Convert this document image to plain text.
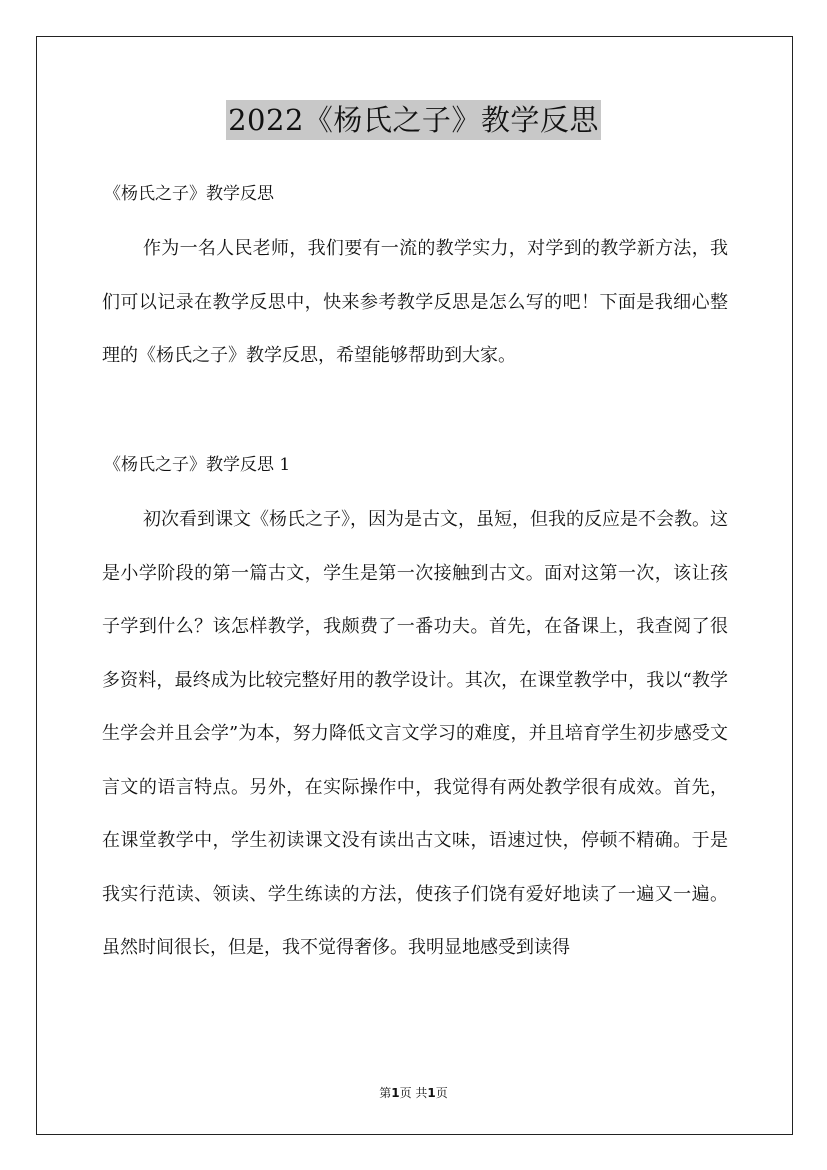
2022《杨氏之子》教学反思
《杨氏之子》教学反思

作为一名人民老师，我们要有一流的教学实力，对学到的教学新方法，我们可以记录在教学反思中，快来参考教学反思是怎么写的吧！下面是我细心整理的《杨氏之子》教学反思，希望能够帮助到大家。

《杨氏之子》教学反思 1

初次看到课文《杨氏之子》，因为是古文，虽短，但我的反应是不会教。这是小学阶段的第一篇古文，学生是第一次接触到古文。面对这第一次，该让孩子学到什么？该怎样教学，我颇费了一番功夫。首先，在备课上，我查阅了很多资料，最终成为比较完整好用的教学设计。其次，在课堂教学中，我以“教学生学会并且会学”为本，努力降低文言文学习的难度，并且培育学生初步感受文言文的语言特点。另外，在实际操作中，我觉得有两处教学很有成效。首先，在课堂教学中，学生初读课文没有读出古文味，语速过快，停顿不精确。于是我实行范读、领读、学生练读的方法，使孩子们饶有爱好地读了一遍又一遍。虽然时间很长，但是，我不觉得奢侈。我明显地感受到读得

第1页 共1页
